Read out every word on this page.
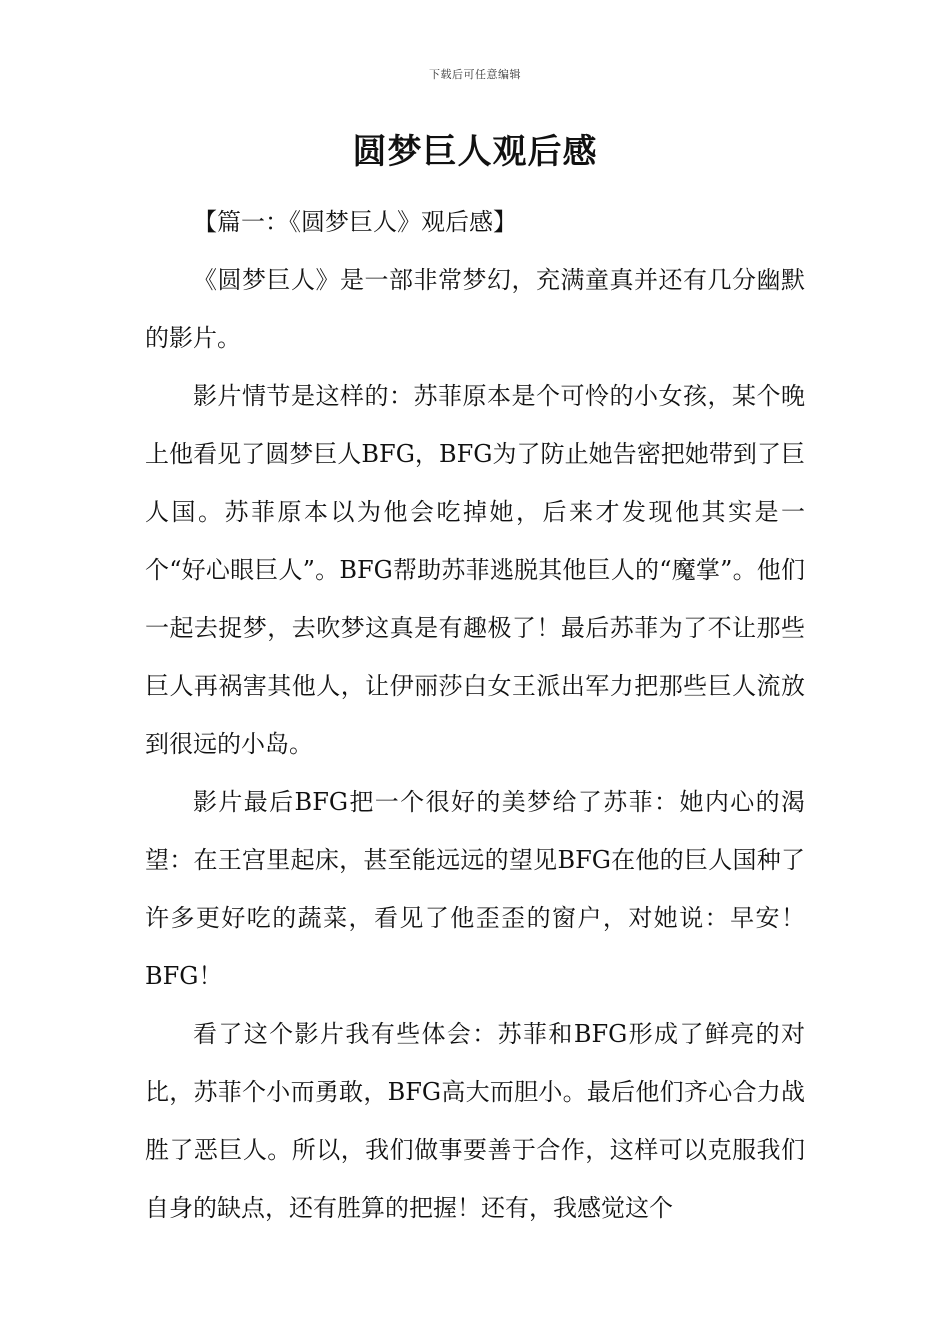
下载后可任意编辑
圆梦巨人观后感

【篇一：《圆梦巨人》观后感】

《圆梦巨人》是一部非常梦幻，充满童真并还有几分幽默的影片。

影片情节是这样的：苏菲原本是个可怜的小女孩，某个晚上他看见了圆梦巨人BFG，BFG为了防止她告密把她带到了巨人国。苏菲原本以为他会吃掉她，后来才发现他其实是一个“好心眼巨人”。BFG帮助苏菲逃脱其他巨人的“魔掌”。他们一起去捉梦，去吹梦这真是有趣极了！最后苏菲为了不让那些巨人再祸害其他人，让伊丽莎白女王派出军力把那些巨人流放到很远的小岛。

影片最后BFG把一个很好的美梦给了苏菲：她内心的渴望：在王宫里起床，甚至能远远的望见BFG在他的巨人国种了许多更好吃的蔬菜，看见了他歪歪的窗户，对她说：早安！BFG！

看了这个影片我有些体会：苏菲和BFG形成了鲜亮的对比，苏菲个小而勇敢，BFG高大而胆小。最后他们齐心合力战胜了恶巨人。所以，我们做事要善于合作，这样可以克服我们自身的缺点，还有胜算的把握！还有，我感觉这个
